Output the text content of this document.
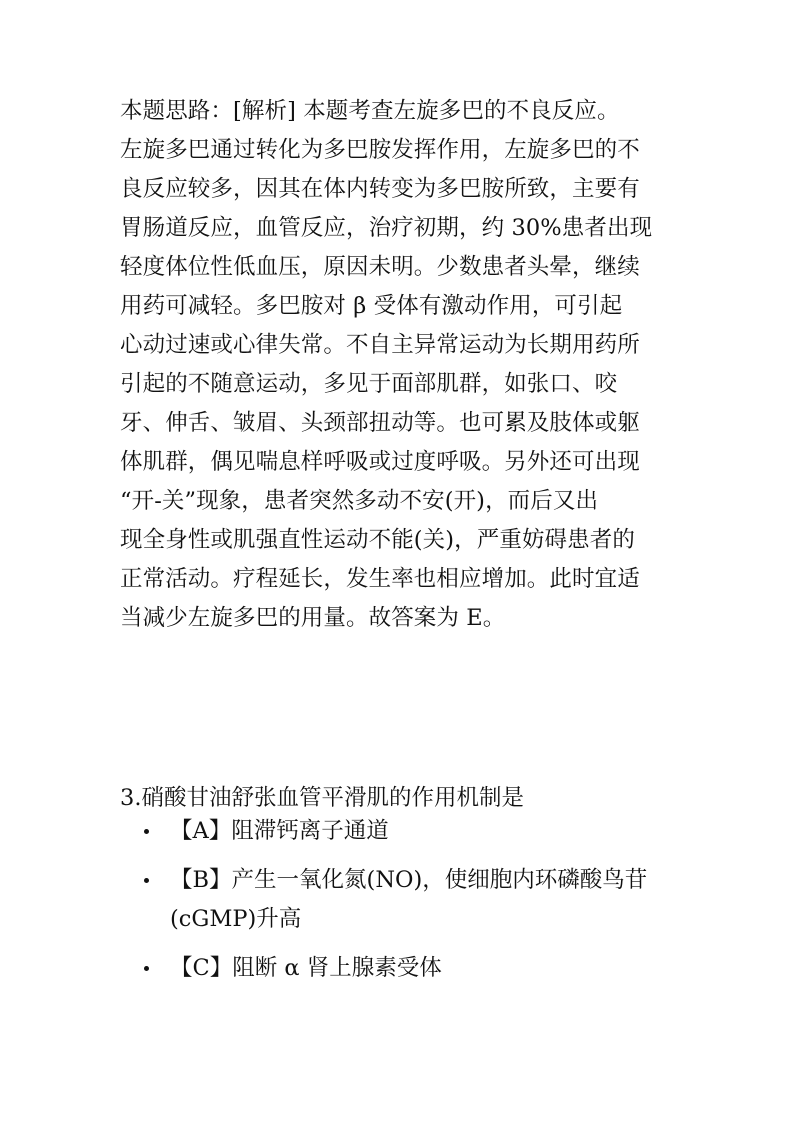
本题思路：[解析] 本题考查左旋多巴的不良反应。
左旋多巴通过转化为多巴胺发挥作用，左旋多巴的不
良反应较多，因其在体内转变为多巴胺所致，主要有
胃肠道反应，血管反应，治疗初期，约 30%患者出现
轻度体位性低血压，原因未明。少数患者头晕，继续
用药可减轻。多巴胺对 β 受体有激动作用，可引起
心动过速或心律失常。不自主异常运动为长期用药所
引起的不随意运动，多见于面部肌群，如张口、咬
牙、伸舌、皱眉、头颈部扭动等。也可累及肢体或躯
体肌群，偶见喘息样呼吸或过度呼吸。另外还可出现
“开-关”现象，患者突然多动不安(开)，而后又出
现全身性或肌强直性运动不能(关)，严重妨碍患者的
正常活动。疗程延长，发生率也相应增加。此时宜适
当减少左旋多巴的用量。故答案为 E。

3.硝酸甘油舒张血管平滑肌的作用机制是

【A】阻滞钙离子通道
【B】产生一氧化氮(NO)，使细胞内环磷酸鸟苷
(cGMP)升高
【C】阻断 α 肾上腺素受体
